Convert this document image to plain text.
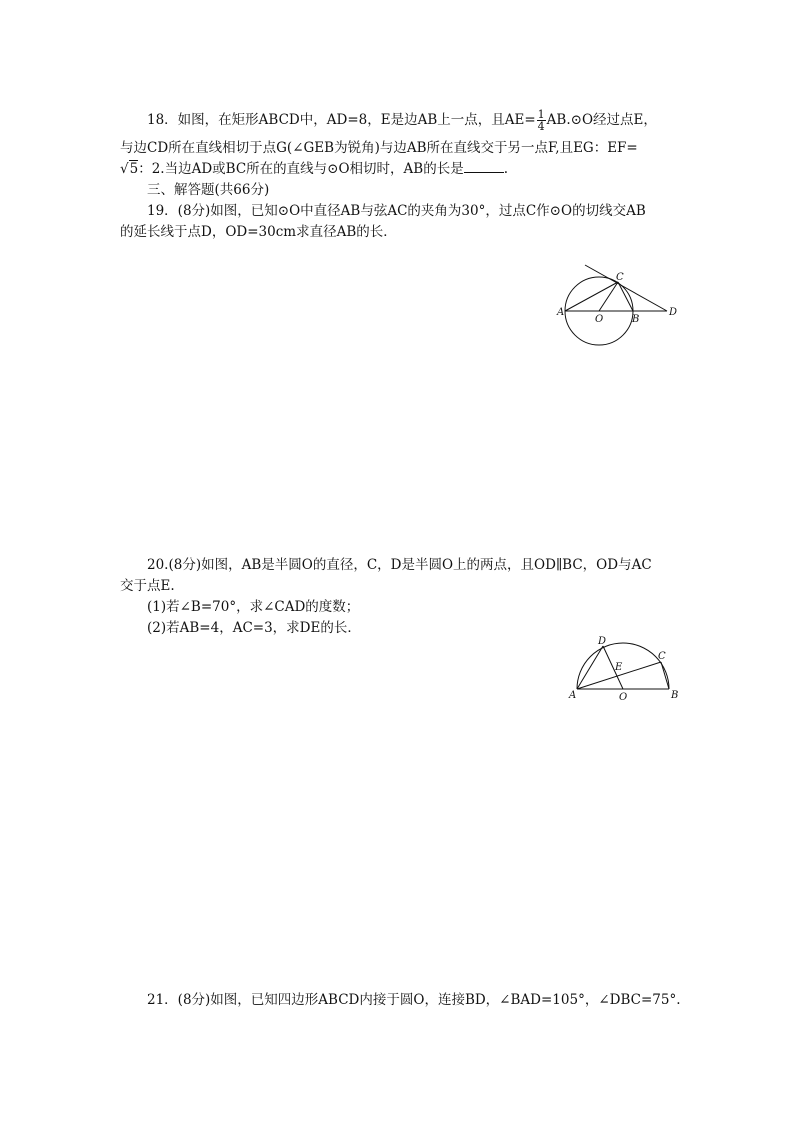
18．如图，在矩形ABCD中，AD=8，E是边AB上一点，且$AE= \frac{1}{4}$ AB.⊙O经过点E，
与边CD所在直线相切于点G(∠GEB为锐角)与边AB所在直线交于另一点F,且EG：EF=
√5：2.当边AD或BC所在的直线与⊙O相切时，AB的长是	.
三、解答题(共66分)
19．(8分)如图，已知⊙O中直径AB与弦AC的夹角为30°，过点C作⊙O的切线交AB
的延长线于点D，OD=30cm求直径AB的长．
A
O	B
C
D
20.(8分)如图，AB是半圆O的直径，C，D是半圆O上的两点，且OD∥BC，OD与AC
交于点E.
(1)若∠B=70°，求∠CAD的度数；
(2)若AB=4，AC=3，求DE的长．
A	O	B
C
D
E
21．(8分)如图，已知四边形ABCD内接于圆O，连接BD，∠BAD=105°，∠DBC=75°.
